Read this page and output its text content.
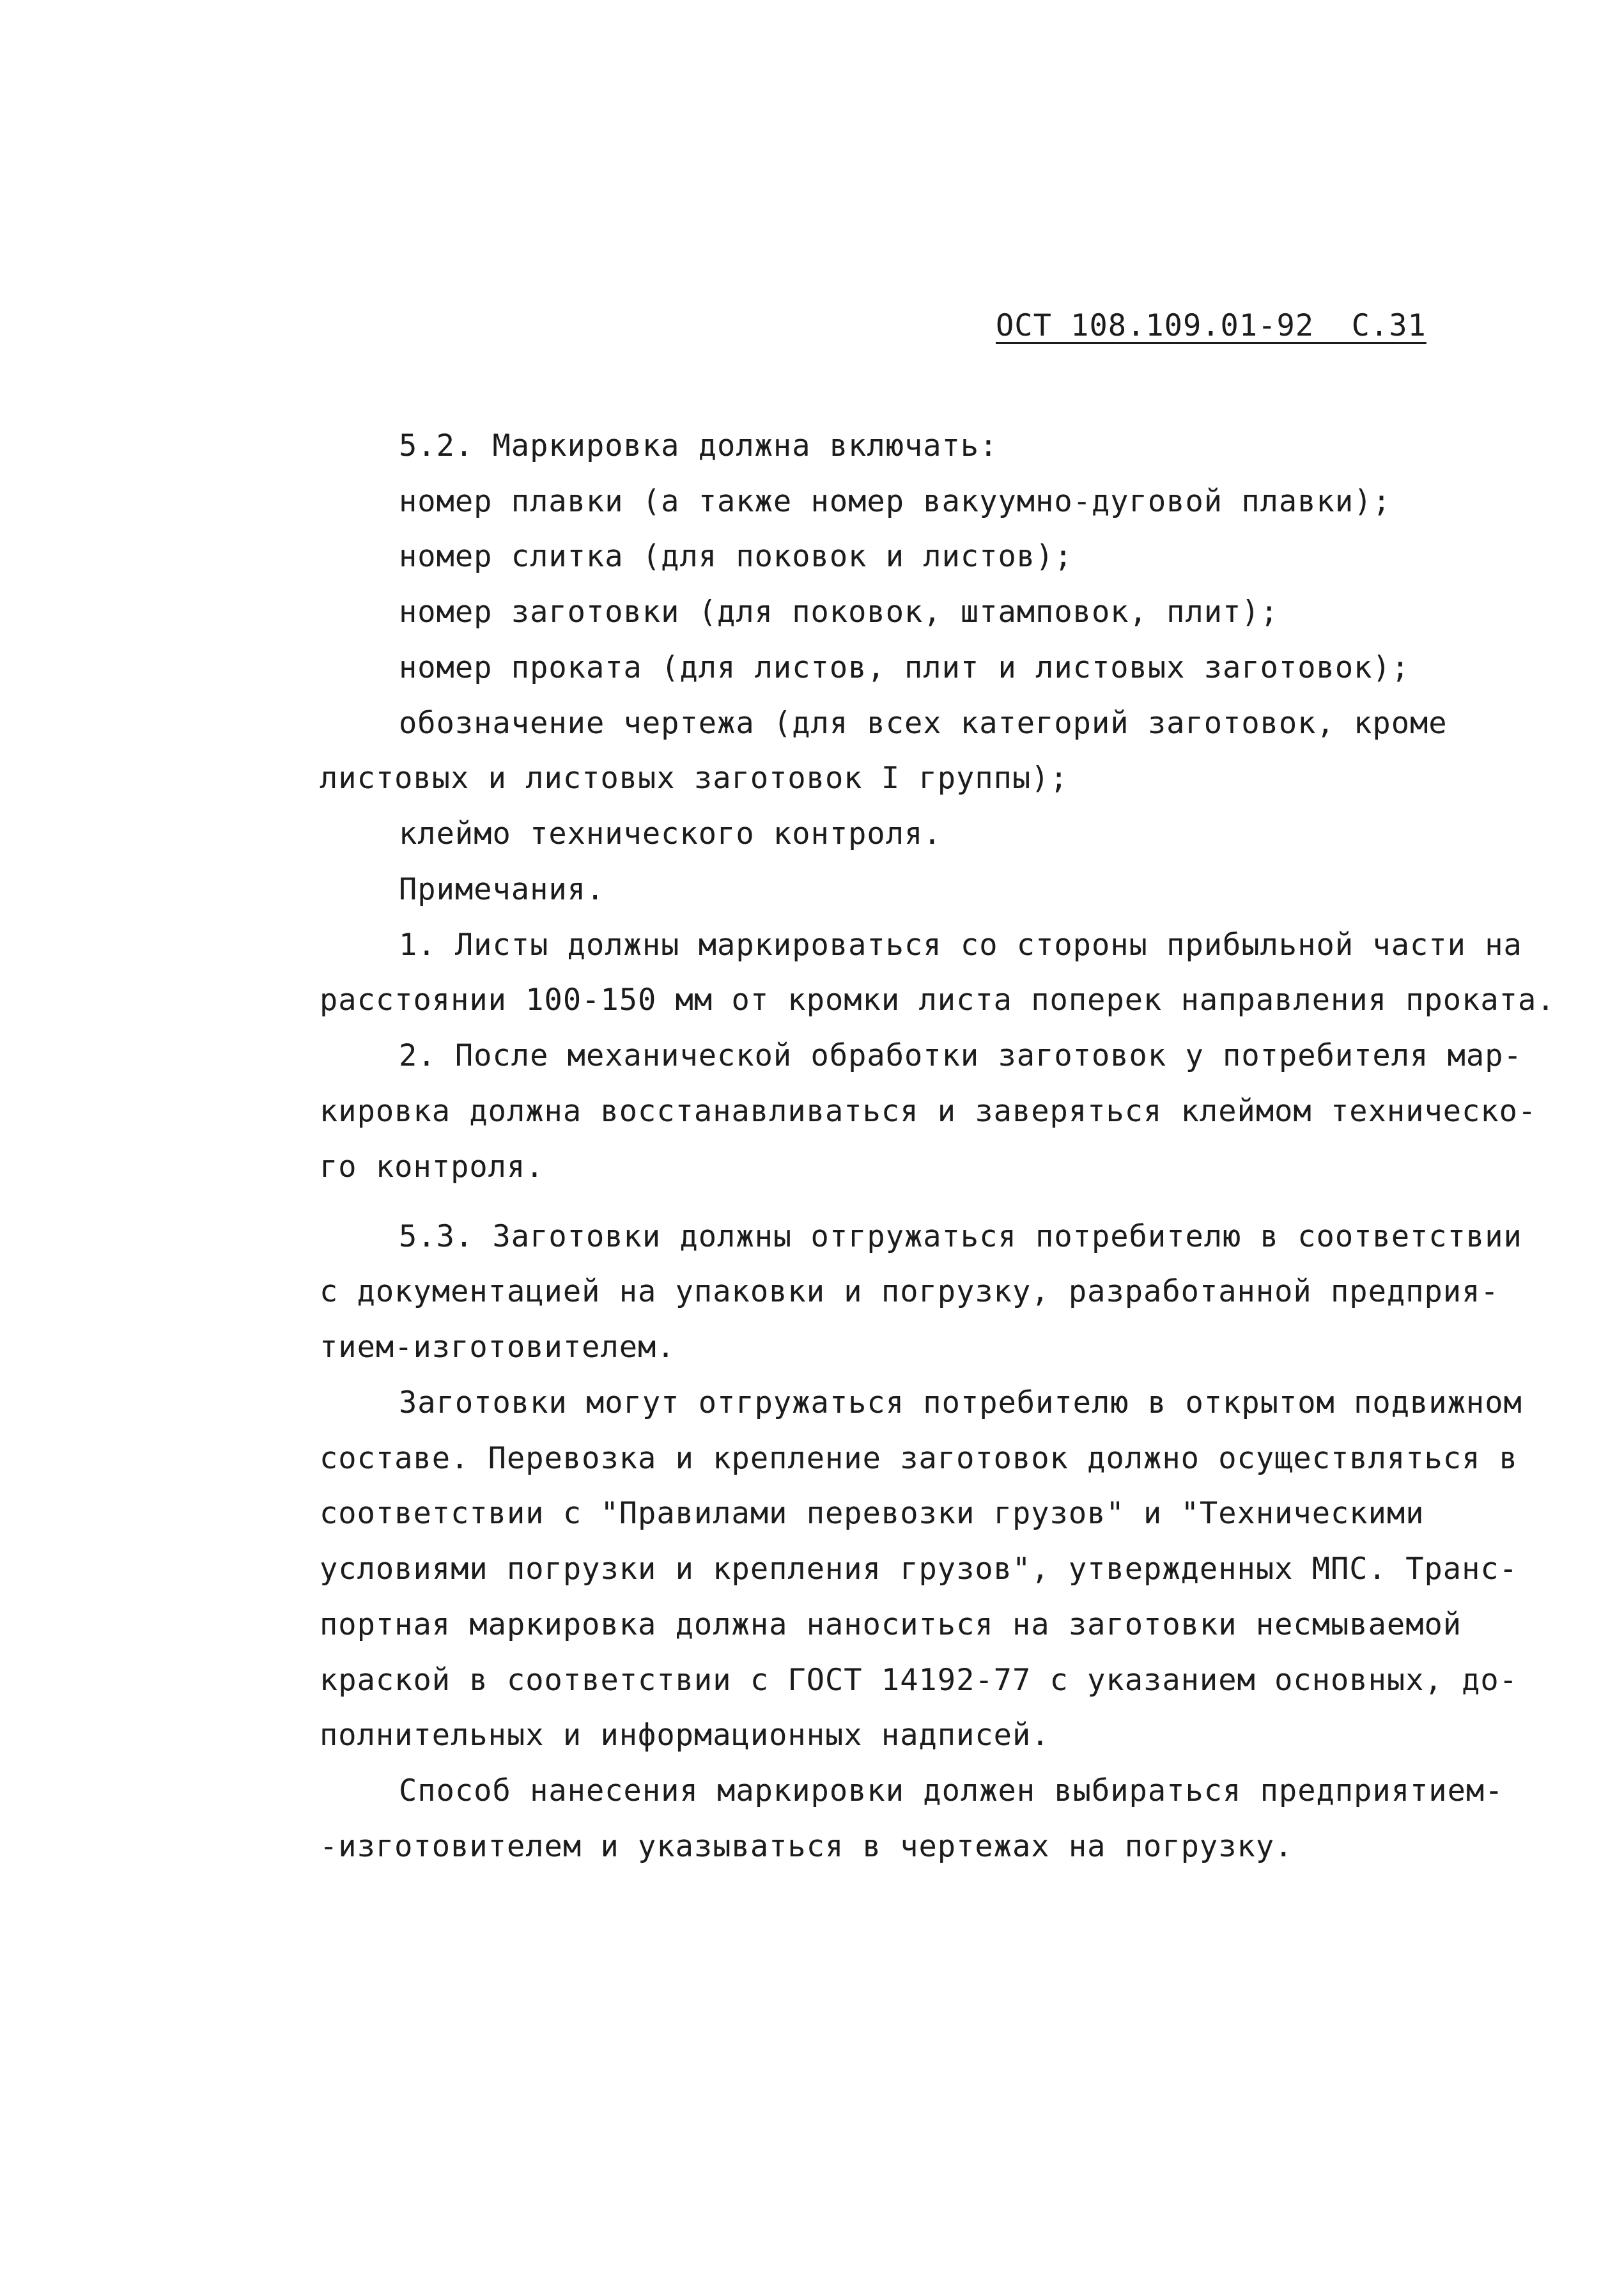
ОСТ 108.109.01-92  С.31
5.2. Маркировка должна включать:
номер плавки (а также номер вакуумно-дуговой плавки);
номер слитка (для поковок и листов);
номер заготовки (для поковок, штамповок, плит);
номер проката (для листов, плит и листовых заготовок);
обозначение чертежа (для всех категорий заготовок, кроме
листовых и листовых заготовок I группы);
клеймо технического контроля.
Примечания.
1. Листы должны маркироваться со стороны прибыльной части на
расстоянии 100-150 мм от кромки листа поперек направления проката.
2. После механической обработки заготовок у потребителя мар-
кировка должна восстанавливаться и заверяться клеймом техническо-
го контроля.
5.3. Заготовки должны отгружаться потребителю в соответствии
с документацией на упаковки и погрузку, разработанной предприя-
тием-изготовителем.
Заготовки могут отгружаться потребителю в открытом подвижном
составе. Перевозка и крепление заготовок должно осуществляться в
соответствии с "Правилами перевозки грузов" и "Техническими
условиями погрузки и крепления грузов", утвержденных МПС. Транс-
портная маркировка должна наноситься на заготовки несмываемой
краской в соответствии с ГОСТ 14192-77 с указанием основных, до-
полнительных и информационных надписей.
Способ нанесения маркировки должен выбираться предприятием-
-изготовителем и указываться в чертежах на погрузку.
